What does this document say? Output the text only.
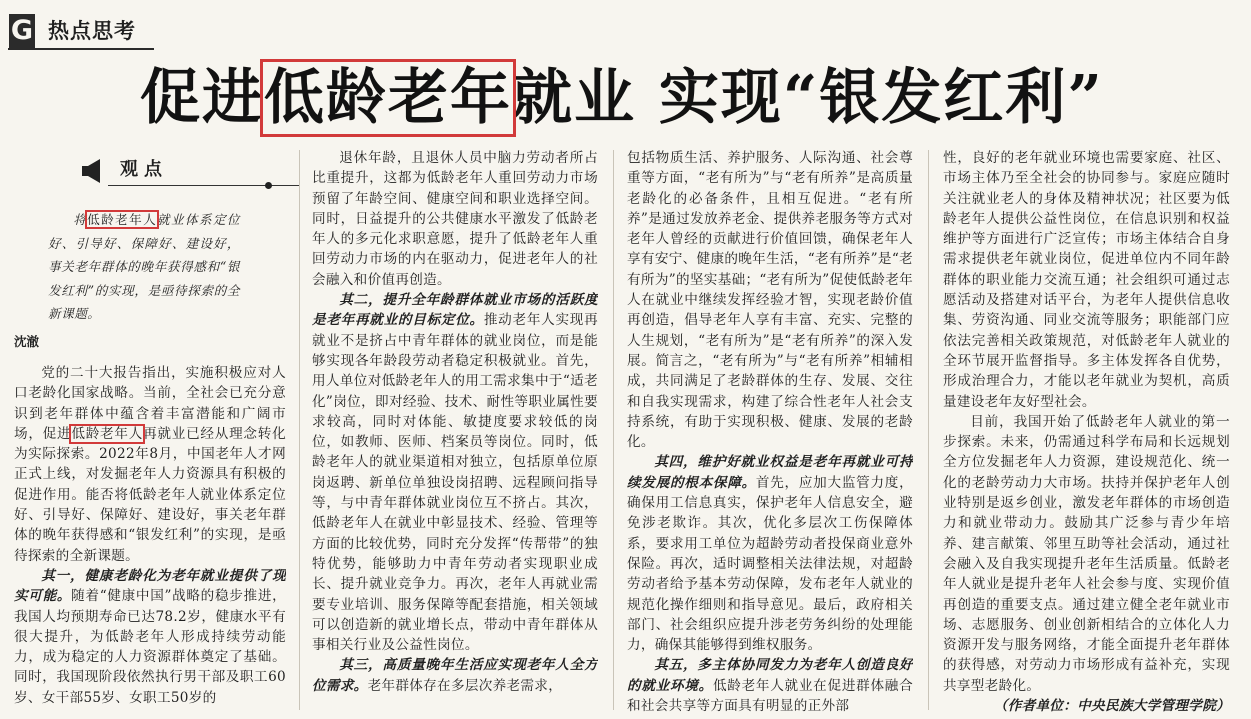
G 热点思考
促进低龄老年就业 实现“银发红利”
观点
将低龄老年人就业体系定位好、引导好、保障好、建设好，事关老年群体的晚年获得感和“银发红利”的实现，是亟待探索的全新课题。
沈澈

党的二十大报告指出，实施积极应对人口老龄化国家战略。当前，全社会已充分意识到老年群体中蕴含着丰富潜能和广阔市场，促进低龄老年人再就业已经从理念转化为实际探索。2022年8月，中国老年人才网正式上线，对发掘老年人力资源具有积极的促进作用。能否将低龄老年人就业体系定位好、引导好、保障好、建设好，事关老年群体的晚年获得感和“银发红利”的实现，是亟待探索的全新课题。

其一，健康老龄化为老年就业提供了现实可能。随着“健康中国”战略的稳步推进，我国人均预期寿命已达78.2岁，健康水平有很大提升，为低龄老年人形成持续劳动能力，成为稳定的人力资源群体奠定了基础。同时，我国现阶段依然执行男干部及职工60岁、女干部55岁、女职工50岁的

退休年龄，且退休人员中脑力劳动者所占比重提升，这都为低龄老年人重回劳动力市场预留了年龄空间、健康空间和职业选择空间。同时，日益提升的公共健康水平激发了低龄老年人的多元化求职意愿，提升了低龄老年人重回劳动力市场的内在驱动力，促进老年人的社会融入和价值再创造。

其二，提升全年龄群体就业市场的活跃度是老年再就业的目标定位。推动老年人实现再就业不是挤占中青年群体的就业岗位，而是能够实现各年龄段劳动者稳定积极就业。首先，用人单位对低龄老年人的用工需求集中于“适老化”岗位，即对经验、技术、耐性等职业属性要求较高，同时对体能、敏捷度要求较低的岗位，如教师、医师、档案员等岗位。同时，低龄老年人的就业渠道相对独立，包括原单位原岗返聘、新单位单独设岗招聘、远程顾问指导等，与中青年群体就业岗位互不挤占。其次，低龄老年人在就业中彰显技术、经验、管理等方面的比较优势，同时充分发挥“传帮带”的独特优势，能够助力中青年劳动者实现职业成长、提升就业竞争力。再次，老年人再就业需要专业培训、服务保障等配套措施，相关领域可以创造新的就业增长点，带动中青年群体从事相关行业及公益性岗位。

其三，高质量晚年生活应实现老年人全方位需求。老年群体存在多层次养老需求，

包括物质生活、养护服务、人际沟通、社会尊重等方面，“老有所为”与“老有所养”是高质量老龄化的必备条件，且相互促进。“老有所养”是通过发放养老金、提供养老服务等方式对老年人曾经的贡献进行价值回馈，确保老年人享有安宁、健康的晚年生活，“老有所养”是“老有所为”的坚实基础；“老有所为”促使低龄老年人在就业中继续发挥经验才智，实现老龄价值再创造，倡导老年人享有丰富、充实、完整的人生规划，“老有所为”是“老有所养”的深入发展。简言之，“老有所为”与“老有所养”相辅相成，共同满足了老龄群体的生存、发展、交往和自我实现需求，构建了综合性老年人社会支持系统，有助于实现积极、健康、发展的老龄化。

其四，维护好就业权益是老年再就业可持续发展的根本保障。首先，应加大监管力度，确保用工信息真实，保护老年人信息安全，避免涉老欺诈。其次，优化多层次工伤保障体系，要求用工单位为超龄劳动者投保商业意外保险。再次，适时调整相关法律法规，对超龄劳动者给予基本劳动保障，发布老年人就业的规范化操作细则和指导意见。最后，政府相关部门、社会组织应提升涉老劳务纠纷的处理能力，确保其能够得到维权服务。

其五，多主体协同发力为老年人创造良好的就业环境。低龄老年人就业在促进群体融合和社会共享等方面具有明显的正外部

性，良好的老年就业环境也需要家庭、社区、市场主体乃至全社会的协同参与。家庭应随时关注就业老人的身体及精神状况；社区要为低龄老年人提供公益性岗位，在信息识别和权益维护等方面进行广泛宣传；市场主体结合自身需求提供老年就业岗位，促进单位内不同年龄群体的职业能力交流互通；社会组织可通过志愿活动及搭建对话平台，为老年人提供信息收集、劳资沟通、同业交流等服务；职能部门应依法完善相关政策规范，对低龄老年人就业的全环节展开监督指导。多主体发挥各自优势，形成治理合力，才能以老年就业为契机，高质量建设老年友好型社会。

目前，我国开始了低龄老年人就业的第一步探索。未来，仍需通过科学布局和长远规划全方位发掘老年人力资源，建设规范化、统一化的老龄劳动力大市场。扶持并保护老年人创业特别是返乡创业，激发老年群体的市场创造力和就业带动力。鼓励其广泛参与青少年培养、建言献策、邻里互助等社会活动，通过社会融入及自我实现提升老年生活质量。低龄老年人就业是提升老年人社会参与度、实现价值再创造的重要支点。通过建立健全老年就业市场、志愿服务、创业创新相结合的立体化人力资源开发与服务网络，才能全面提升老年群体的获得感，对劳动力市场形成有益补充，实现共享型老龄化。

（作者单位：中央民族大学管理学院）
